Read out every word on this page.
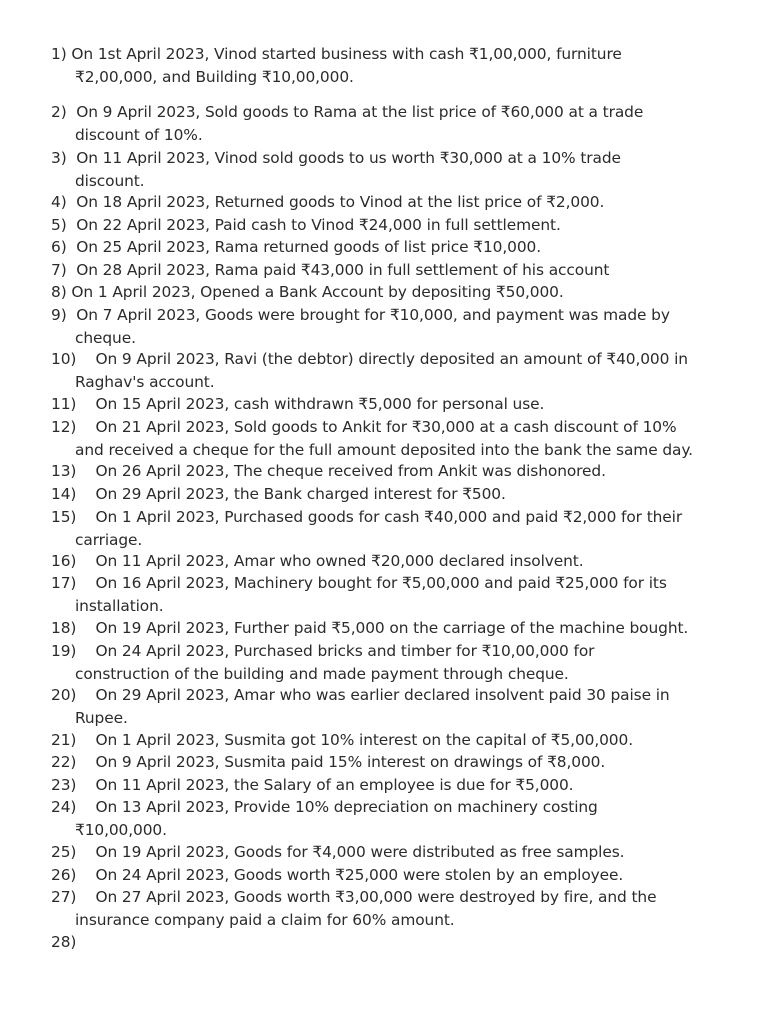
1) On 1st April 2023, Vinod started business with cash ₹1,00,000, furniture
₹2,00,000, and Building ₹10,00,000.
2) On 9 April 2023, Sold goods to Rama at the list price of ₹60,000 at a trade
discount of 10%.
3) On 11 April 2023, Vinod sold goods to us worth ₹30,000 at a 10% trade
discount.
4) On 18 April 2023, Returned goods to Vinod at the list price of ₹2,000.
5) On 22 April 2023, Paid cash to Vinod ₹24,000 in full settlement.
6) On 25 April 2023, Rama returned goods of list price ₹10,000.
7) On 28 April 2023, Rama paid ₹43,000 in full settlement of his account
8) On 1 April 2023, Opened a Bank Account by depositing ₹50,000.
9) On 7 April 2023, Goods were brought for ₹10,000, and payment was made by
cheque.
10) On 9 April 2023, Ravi (the debtor) directly deposited an amount of ₹40,000 in
Raghav's account.
11) On 15 April 2023, cash withdrawn ₹5,000 for personal use.
12) On 21 April 2023, Sold goods to Ankit for ₹30,000 at a cash discount of 10%
and received a cheque for the full amount deposited into the bank the same day.
13) On 26 April 2023, The cheque received from Ankit was dishonored.
14) On 29 April 2023, the Bank charged interest for ₹500.
15) On 1 April 2023, Purchased goods for cash ₹40,000 and paid ₹2,000 for their
carriage.
16) On 11 April 2023, Amar who owned ₹20,000 declared insolvent.
17) On 16 April 2023, Machinery bought for ₹5,00,000 and paid ₹25,000 for its
installation.
18) On 19 April 2023, Further paid ₹5,000 on the carriage of the machine bought.
19) On 24 April 2023, Purchased bricks and timber for ₹10,00,000 for
construction of the building and made payment through cheque.
20) On 29 April 2023, Amar who was earlier declared insolvent paid 30 paise in
Rupee.
21) On 1 April 2023, Susmita got 10% interest on the capital of ₹5,00,000.
22) On 9 April 2023, Susmita paid 15% interest on drawings of ₹8,000.
23) On 11 April 2023, the Salary of an employee is due for ₹5,000.
24) On 13 April 2023, Provide 10% depreciation on machinery costing
₹10,00,000.
25) On 19 April 2023, Goods for ₹4,000 were distributed as free samples.
26) On 24 April 2023, Goods worth ₹25,000 were stolen by an employee.
27) On 27 April 2023, Goods worth ₹3,00,000 were destroyed by fire, and the
insurance company paid a claim for 60% amount.
28)
